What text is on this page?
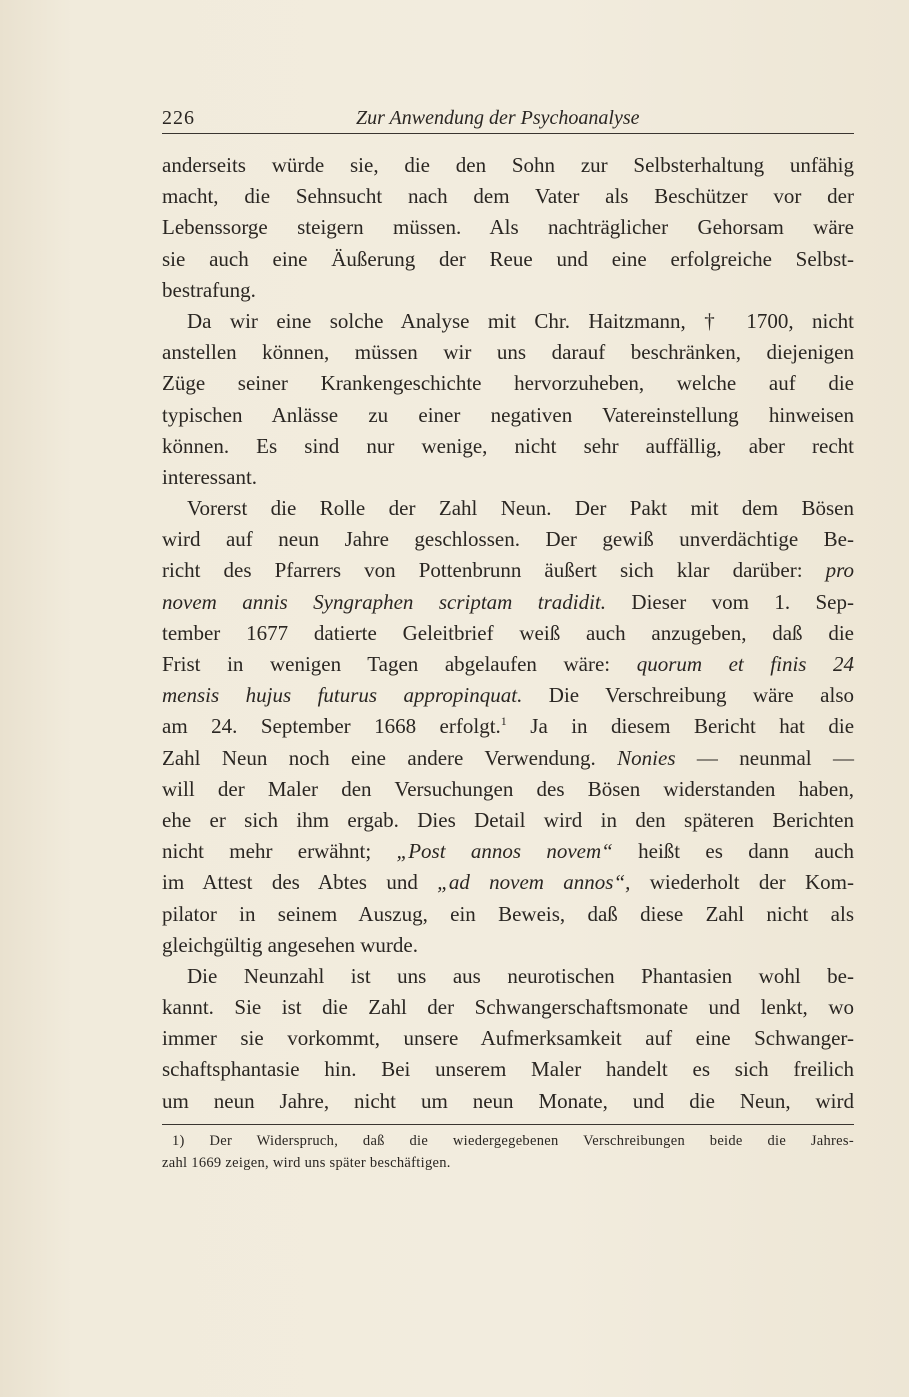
226	Zur Anwendung der Psychoanalyse
anderseits würde sie, die den Sohn zur Selbsterhaltung unfähig
macht, die Sehnsucht nach dem Vater als Beschützer vor der
Lebenssorge steigern müssen. Als nachträglicher Gehorsam wäre
sie auch eine Äußerung der Reue und eine erfolgreiche Selbst-
bestrafung.
Da wir eine solche Analyse mit Chr. Haitzmann, † 1700, nicht
anstellen können, müssen wir uns darauf beschränken, diejenigen
Züge seiner Krankengeschichte hervorzuheben, welche auf die
typischen Anlässe zu einer negativen Vatereinstellung hinweisen
können. Es sind nur wenige, nicht sehr auffällig, aber recht
interessant.
Vorerst die Rolle der Zahl Neun. Der Pakt mit dem Bösen
wird auf neun Jahre geschlossen. Der gewiß unverdächtige Be-
richt des Pfarrers von Pottenbrunn äußert sich klar darüber: pro
novem annis Syngraphen scriptam tradidit. Dieser vom 1. Sep-
tember 1677 datierte Geleitbrief weiß auch anzugeben, daß die
Frist in wenigen Tagen abgelaufen wäre: quorum et finis 24
mensis hujus futurus appropinquat. Die Verschreibung wäre also
am 24. September 1668 erfolgt.$^1$ Ja in diesem Bericht hat die
Zahl Neun noch eine andere Verwendung. Nonies — neunmal —
will der Maler den Versuchungen des Bösen widerstanden haben,
ehe er sich ihm ergab. Dies Detail wird in den späteren Berichten
nicht mehr erwähnt; „Post annos novem“ heißt es dann auch
im Attest des Abtes und „ad novem annos“, wiederholt der Kom-
pilator in seinem Auszug, ein Beweis, daß diese Zahl nicht als
gleichgültig angesehen wurde.
Die Neunzahl ist uns aus neurotischen Phantasien wohl be-
kannt. Sie ist die Zahl der Schwangerschaftsmonate und lenkt, wo
immer sie vorkommt, unsere Aufmerksamkeit auf eine Schwanger-
schaftsphantasie hin. Bei unserem Maler handelt es sich freilich
um neun Jahre, nicht um neun Monate, und die Neun, wird
1) Der Widerspruch, daß die wiedergegebenen Verschreibungen beide die Jahres-
zahl 1669 zeigen, wird uns später beschäftigen.
